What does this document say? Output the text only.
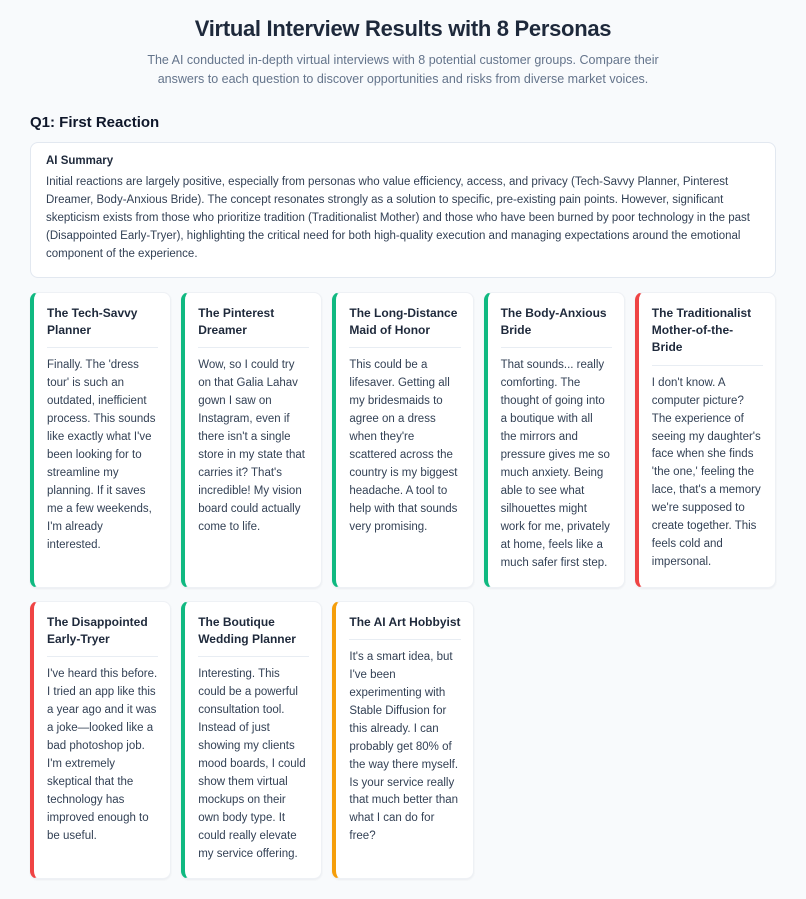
Virtual Interview Results with 8 Personas

The AI conducted in-depth virtual interviews with 8 potential customer groups. Compare their answers to each question to discover opportunities and risks from diverse market voices.

Q1: First Reaction
AI Summary
Initial reactions are largely positive, especially from personas who value efficiency, access, and privacy (Tech-Savvy Planner, Pinterest Dreamer, Body-Anxious Bride). The concept resonates strongly as a solution to specific, pre-existing pain points. However, significant skepticism exists from those who prioritize tradition (Traditionalist Mother) and those who have been burned by poor technology in the past (Disappointed Early-Tryer), highlighting the critical need for both high-quality execution and managing expectations around the emotional component of the experience.
The Tech-Savvy Planner
Finally. The 'dress tour' is such an outdated, inefficient process. This sounds like exactly what I've been looking for to streamline my planning. If it saves me a few weekends, I'm already interested.
The Pinterest Dreamer
Wow, so I could try on that Galia Lahav gown I saw on Instagram, even if there isn't a single store in my state that carries it? That's incredible! My vision board could actually come to life.
The Long-Distance Maid of Honor
This could be a lifesaver. Getting all my bridesmaids to agree on a dress when they're scattered across the country is my biggest headache. A tool to help with that sounds very promising.
The Body-Anxious Bride
That sounds... really comforting. The thought of going into a boutique with all the mirrors and pressure gives me so much anxiety. Being able to see what silhouettes might work for me, privately at home, feels like a much safer first step.
The Traditionalist Mother-of-the-Bride
I don't know. A computer picture? The experience of seeing my daughter's face when she finds 'the one,' feeling the lace, that's a memory we're supposed to create together. This feels cold and impersonal.
The Disappointed Early-Tryer
I've heard this before. I tried an app like this a year ago and it was a joke—looked like a bad photoshop job. I'm extremely skeptical that the technology has improved enough to be useful.
The Boutique Wedding Planner
Interesting. This could be a powerful consultation tool. Instead of just showing my clients mood boards, I could show them virtual mockups on their own body type. It could really elevate my service offering.
The AI Art Hobbyist
It's a smart idea, but I've been experimenting with Stable Diffusion for this already. I can probably get 80% of the way there myself. Is your service really that much better than what I can do for free?
